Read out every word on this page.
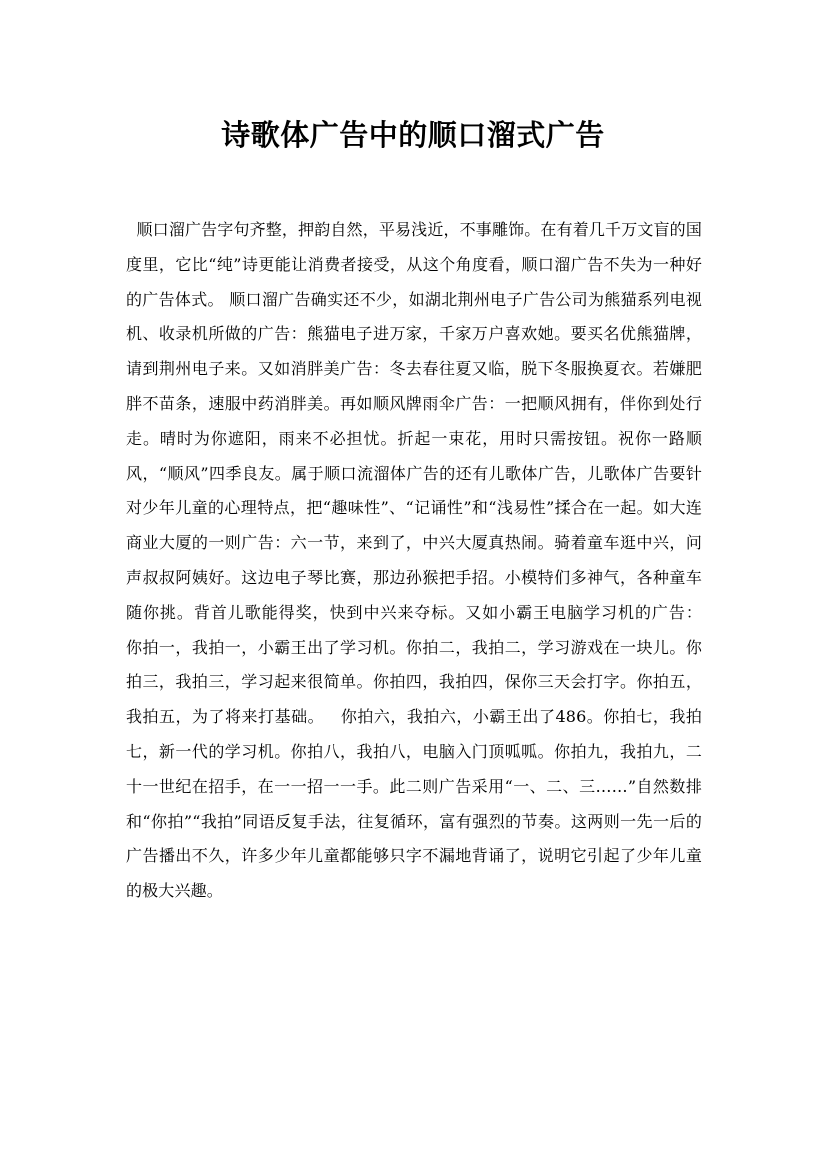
诗歌体广告中的顺口溜式广告

顺口溜广告字句齐整，押韵自然，平易浅近，不事雕饰。在有着几千万文盲的国度里，它比“纯”诗更能让消费者接受，从这个角度看，顺口溜广告不失为一种好的广告体式。 顺口溜广告确实还不少，如湖北荆州电子广告公司为熊猫系列电视机、收录机所做的广告：熊猫电子进万家，千家万户喜欢她。要买名优熊猫牌，请到荆州电子来。又如消胖美广告：冬去春往夏又临，脱下冬服换夏衣。若嫌肥胖不苗条，速服中药消胖美。再如顺风牌雨伞广告：一把顺风拥有，伴你到处行走。晴时为你遮阳，雨来不必担忧。折起一束花，用时只需按钮。祝你一路顺风，“顺风”四季良友。属于顺口流溜体广告的还有儿歌体广告，儿歌体广告要针对少年儿童的心理特点，把“趣味性”、“记诵性”和“浅易性”揉合在一起。如大连商业大厦的一则广告：六一节，来到了，中兴大厦真热闹。骑着童车逛中兴，问声叔叔阿姨好。这边电子琴比赛，那边孙猴把手招。小模特们多神气，各种童车随你挑。背首儿歌能得奖，快到中兴来夺标。又如小霸王电脑学习机的广告：   你拍一，我拍一，小霸王出了学习机。你拍二，我拍二，学习游戏在一块儿。你拍三，我拍三，学习起来很简单。你拍四，我拍四，保你三天会打字。你拍五，我拍五，为了将来打基础。   你拍六，我拍六，小霸王出了486。你拍七，我拍七，新一代的学习机。你拍八，我拍八，电脑入门顶呱呱。你拍九，我拍九，二十一世纪在招手，在一一招一一手。此二则广告采用“一、二、三……”自然数排和“你拍”“我拍”同语反复手法，往复循环，富有强烈的节奏。这两则一先一后的广告播出不久，许多少年儿童都能够只字不漏地背诵了，说明它引起了少年儿童的极大兴趣。
